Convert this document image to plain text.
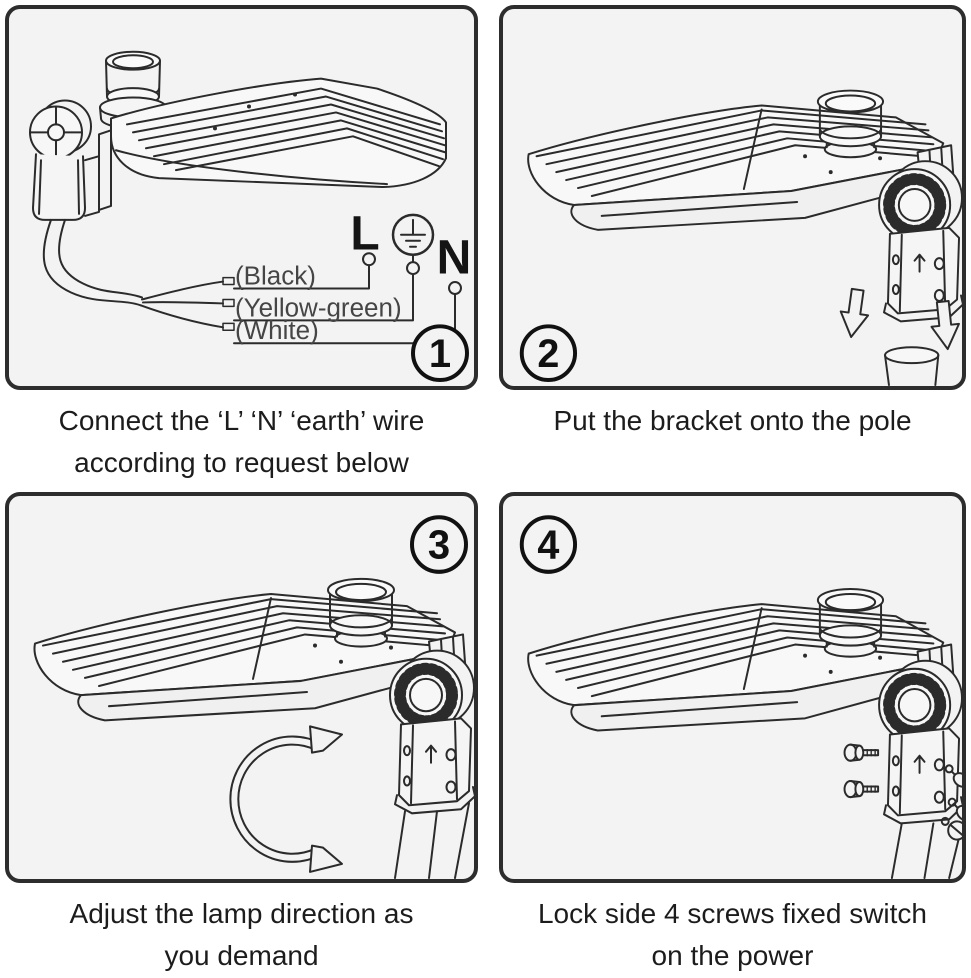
L N
(Black)
(Yellow-green)
(White)
1 2
3 4
Connect the ‘L’ ‘N’ ‘earth’ wire
according to request below
Put the bracket onto the pole
Adjust the lamp direction as
you demand
Lock side 4 screws fixed switch
on the power
